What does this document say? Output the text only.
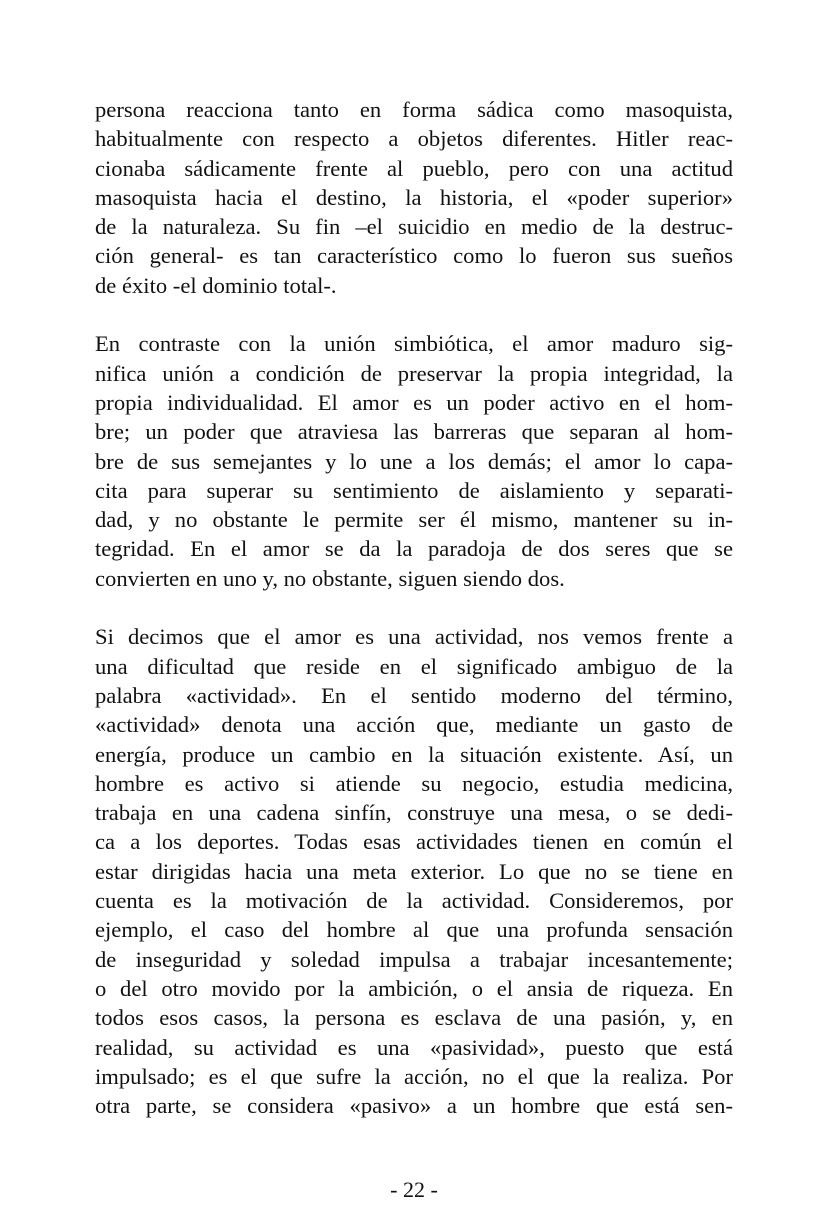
persona reacciona tanto en forma sádica como masoquista,
habitualmente con respecto a objetos diferentes. Hitler reac-
cionaba sádicamente frente al pueblo, pero con una actitud
masoquista hacia el destino, la historia, el «poder superior»
de la naturaleza. Su fin –el suicidio en medio de la destruc-
ción general- es tan característico como lo fueron sus sueños
de éxito -el dominio total-.
En contraste con la unión simbiótica, el amor maduro sig-
nifica unión a condición de preservar la propia integridad, la
propia individualidad. El amor es un poder activo en el hom-
bre; un poder que atraviesa las barreras que separan al hom-
bre de sus semejantes y lo une a los demás; el amor lo capa-
cita para superar su sentimiento de aislamiento y separati-
dad, y no obstante le permite ser él mismo, mantener su in-
tegridad. En el amor se da la paradoja de dos seres que se
convierten en uno y, no obstante, siguen siendo dos.
Si decimos que el amor es una actividad, nos vemos frente a
una dificultad que reside en el significado ambiguo de la
palabra «actividad». En el sentido moderno del término,
«actividad» denota una acción que, mediante un gasto de
energía, produce un cambio en la situación existente. Así, un
hombre es activo si atiende su negocio, estudia medicina,
trabaja en una cadena sinfín, construye una mesa, o se dedi-
ca a los deportes. Todas esas actividades tienen en común el
estar dirigidas hacia una meta exterior. Lo que no se tiene en
cuenta es la motivación de la actividad. Consideremos, por
ejemplo, el caso del hombre al que una profunda sensación
de inseguridad y soledad impulsa a trabajar incesantemente;
o del otro movido por la ambición, o el ansia de riqueza. En
todos esos casos, la persona es esclava de una pasión, y, en
realidad, su actividad es una «pasividad», puesto que está
impulsado; es el que sufre la acción, no el que la realiza. Por
otra parte, se considera «pasivo» a un hombre que está sen-
- 22 -
